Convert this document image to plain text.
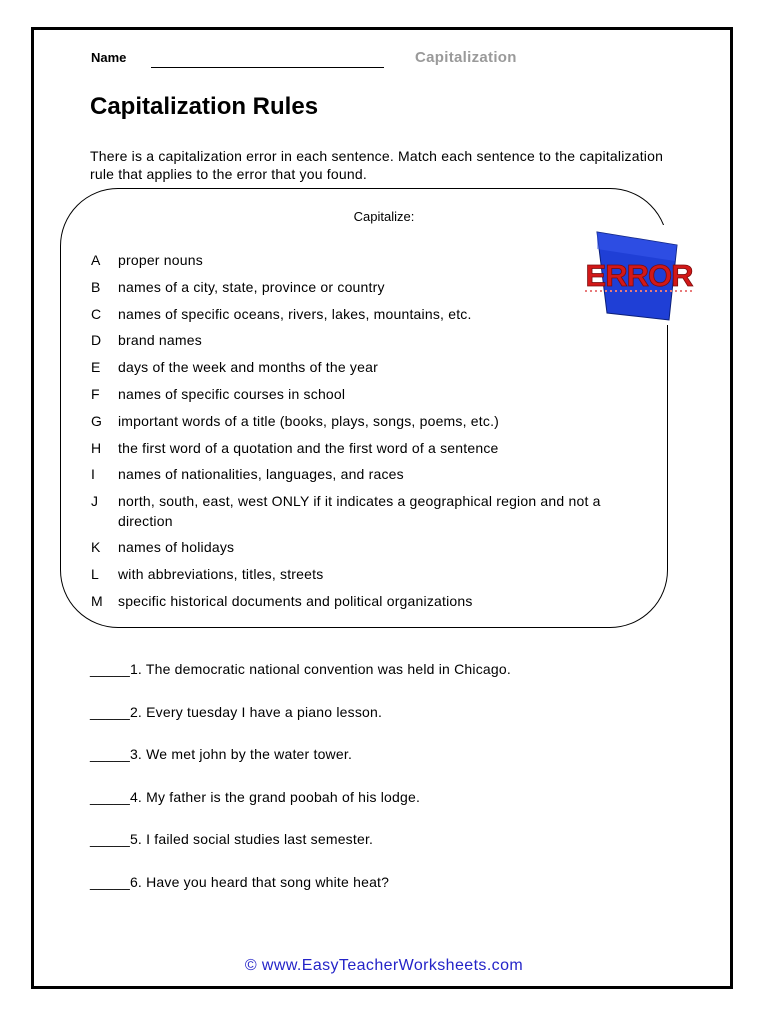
Name	Capitalization
Capitalization Rules
There is a capitalization error in each sentence. Match each sentence to the capitalization rule that applies to the error that you found.
Capitalize:
A	proper nouns
B	names of a city, state, province or country
C	names of specific oceans, rivers, lakes, mountains, etc.
D	brand names
E	days of the week and months of the year
F	names of specific courses in school
G	important words of a title (books, plays, songs, poems, etc.)
H	the first word of a quotation and the first word of a sentence
I	names of nationalities, languages, and races
J	north, south, east, west ONLY if it indicates a geographical region and not a direction
K	names of holidays
L	with abbreviations, titles, streets
M	specific historical documents and political organizations
ERROR
_____1. The democratic national convention was held in Chicago.
_____2. Every tuesday I have a piano lesson.
_____3. We met john by the water tower.
_____4. My father is the grand poobah of his lodge.
_____5. I failed social studies last semester.
_____6. Have you heard that song white heat?
© www.EasyTeacherWorksheets.com
